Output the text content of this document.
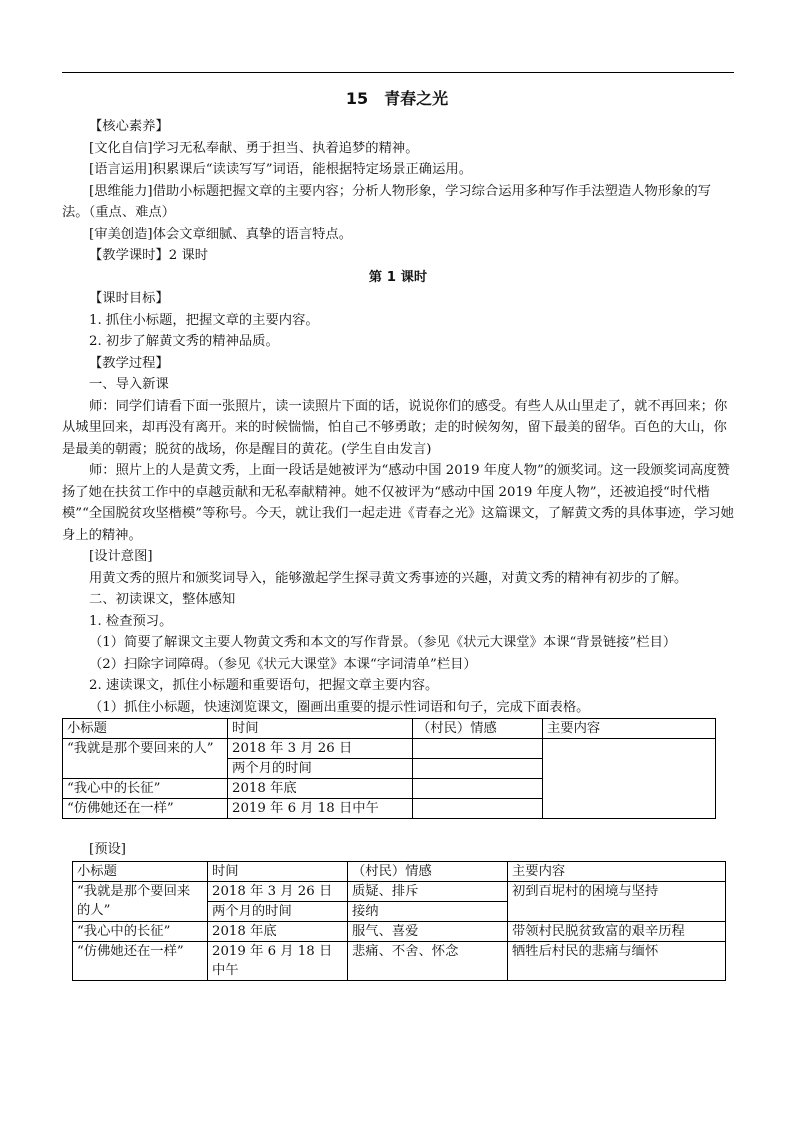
15　青春之光

【核心素养】

[文化自信]学习无私奉献、勇于担当、执着追梦的精神。

[语言运用]积累课后“读读写写”词语，能根据特定场景正确运用。

[思维能力]借助小标题把握文章的主要内容；分析人物形象，学习综合运用多种写作手法塑造人物形象的写法。（重点、难点）

[审美创造]体会文章细腻、真挚的语言特点。

【教学课时】2 课时

第 1 课时

【课时目标】

1. 抓住小标题，把握文章的主要内容。

2. 初步了解黄文秀的精神品质。

【教学过程】

一、导入新课

师：同学们请看下面一张照片，读一读照片下面的话，说说你们的感受。有些人从山里走了，就不再回来；你从城里回来，却再没有离开。来的时候惴惴，怕自己不够勇敢；走的时候匆匆，留下最美的留华。百色的大山，你是最美的朝霞；脱贫的战场，你是醒目的黄花。(学生自由发言)

师：照片上的人是黄文秀，上面一段话是她被评为“感动中国 2019 年度人物”的颁奖词。这一段颁奖词高度赞扬了她在扶贫工作中的卓越贡献和无私奉献精神。她不仅被评为“感动中国 2019 年度人物”，还被追授“时代楷模”“全国脱贫攻坚楷模”等称号。今天，就让我们一起走进《青春之光》这篇课文，了解黄文秀的具体事迹，学习她身上的精神。

[设计意图]

用黄文秀的照片和颁奖词导入，能够激起学生探寻黄文秀事迹的兴趣，对黄文秀的精神有初步的了解。

二、初读课文，整体感知

1. 检查预习。

（1）简要了解课文主要人物黄文秀和本文的写作背景。（参见《状元大课堂》本课“背景链接”栏目）

（2）扫除字词障碍。（参见《状元大课堂》本课“字词清单”栏目）

2. 速读课文，抓住小标题和重要语句，把握文章主要内容。

（1）抓住小标题，快速浏览课文，圈画出重要的提示性词语和句子，完成下面表格。

小标题	时间	（村民）情感	主要内容
“我就是那个要回来的人”	2018 年 3 月 26 日		
	两个月的时间		
“我心中的长征”	2018 年底		
“仿佛她还在一样”	2019 年 6 月 18 日中午		

[预设]

小标题	时间	（村民）情感	主要内容
“我就是那个要回来的人”	2018 年 3 月 26 日	质疑、排斥	初到百坭村的困境与坚持
	两个月的时间	接纳	
“我心中的长征”	2018 年底	服气、喜爱	带领村民脱贫致富的艰辛历程
“仿佛她还在一样”	2019 年 6 月 18 日中午	悲痛、不舍、怀念	牺牲后村民的悲痛与缅怀
